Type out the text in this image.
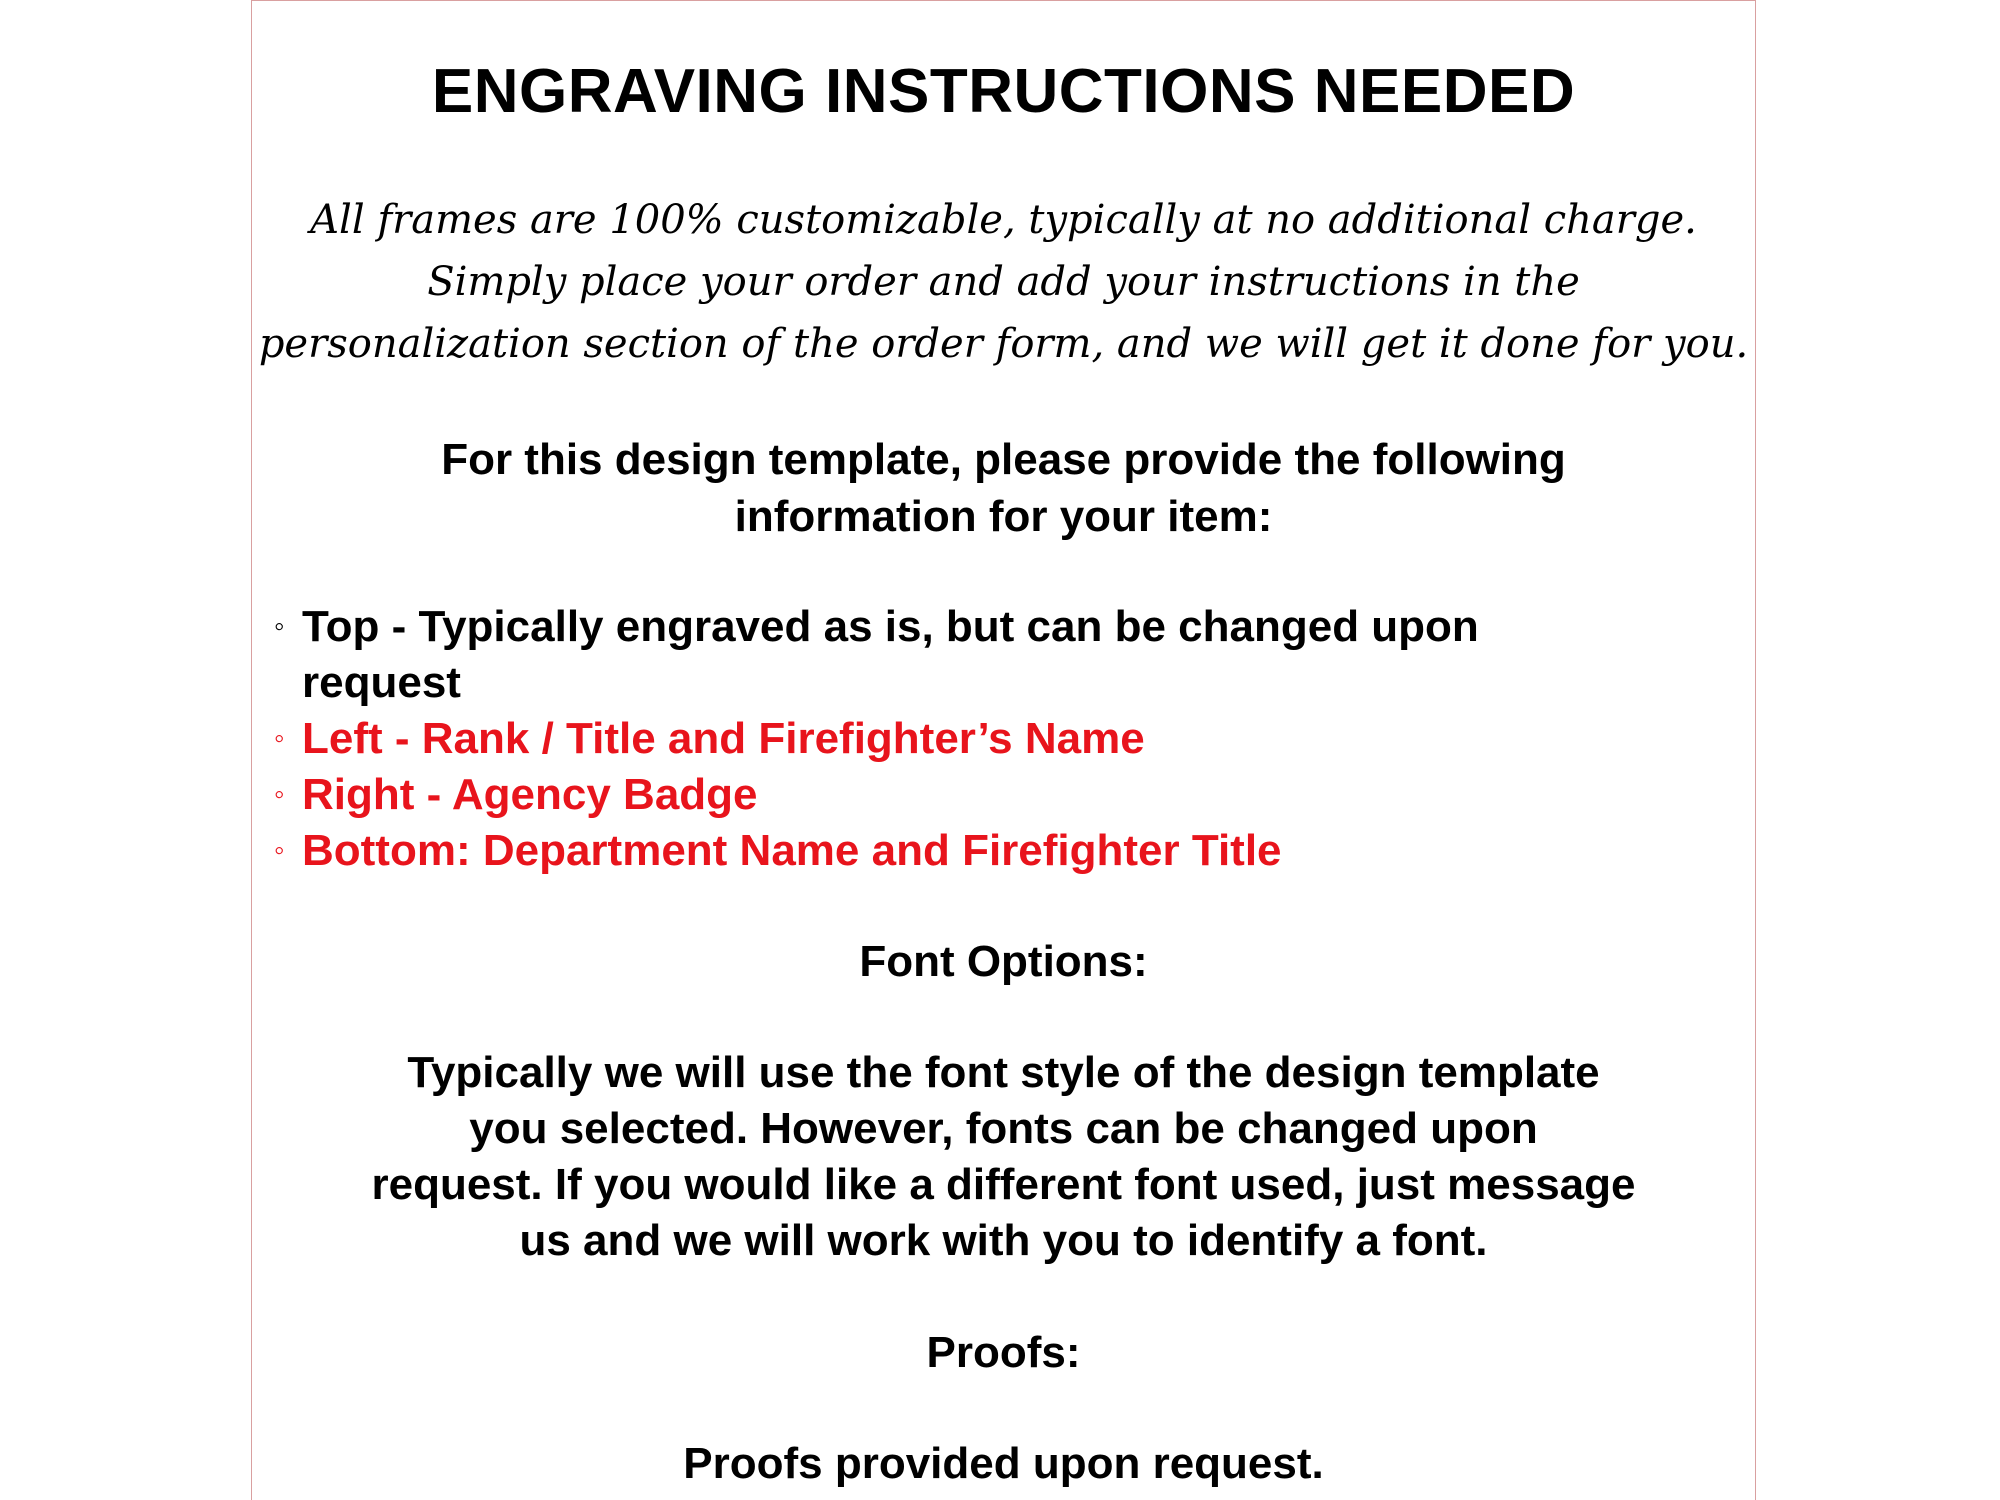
ENGRAVING INSTRUCTIONS NEEDED
All frames are 100% customizable, typically at no additional charge.
Simply place your order and add your instructions in the
personalization section of the order form, and we will get it done for you.
For this design template, please provide the following
information for your item:
◦ Top - Typically engraved as is, but can be changed upon
request
◦ Left - Rank / Title and Firefighter’s Name
◦ Right - Agency Badge
◦ Bottom: Department Name and Firefighter Title
Font Options:
Typically we will use the font style of the design template
you selected. However, fonts can be changed upon
request. If you would like a different font used, just message
us and we will work with you to identify a font.
Proofs:
Proofs provided upon request.
